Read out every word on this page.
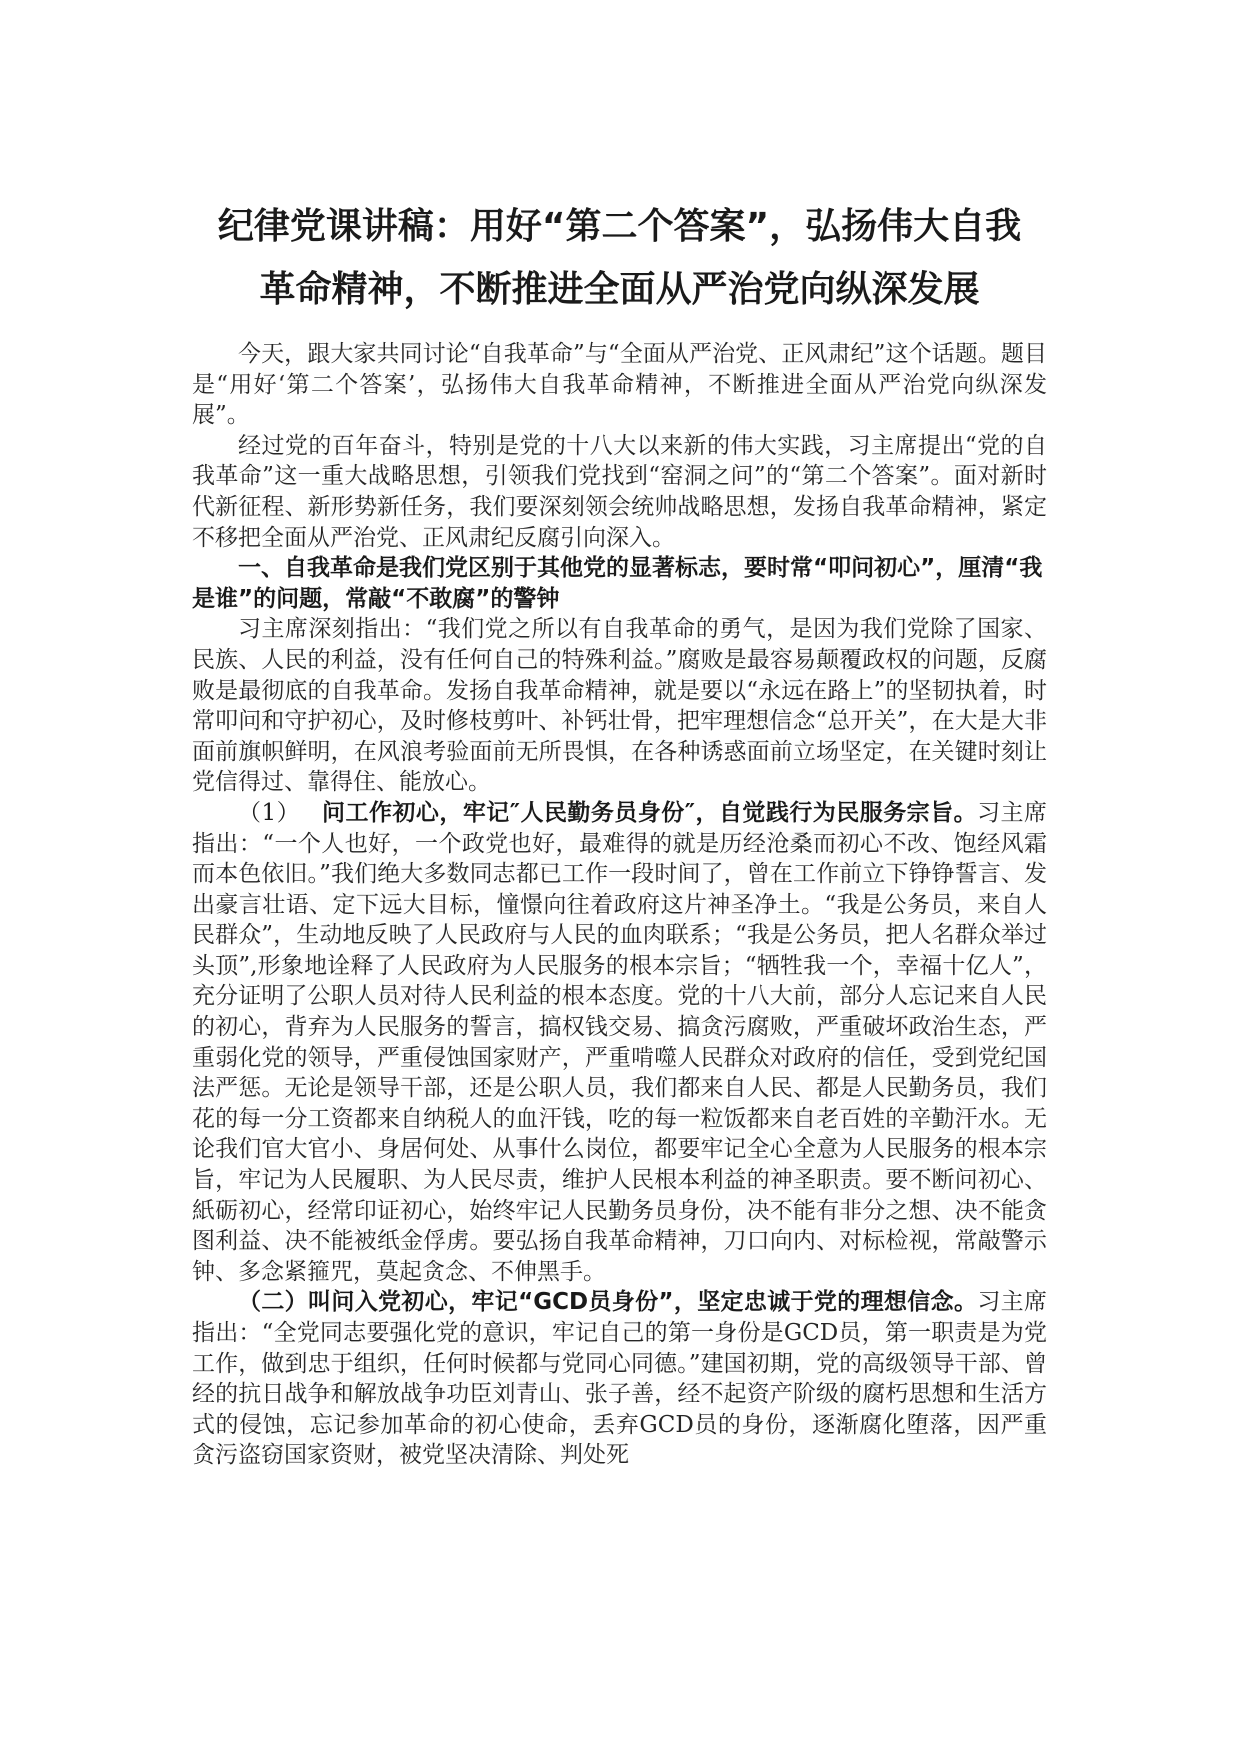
纪律党课讲稿：用好“第二个答案”，弘扬伟大自我
革命精神，不断推进全面从严治党向纵深发展

今天，跟大家共同讨论“自我革命”与“全面从严治党、正风肃纪”这个话题。题目是“用好‘第二个答案’，弘扬伟大自我革命精神，不断推进全面从严治党向纵深发展”。

经过党的百年奋斗，特别是党的十八大以来新的伟大实践，习主席提出“党的自我革命”这一重大战略思想，引领我们党找到“窑洞之问”的“第二个答案”。面对新时代新征程、新形势新任务，我们要深刻领会统帅战略思想，发扬自我革命精神，紧定不移把全面从严治党、正风肃纪反腐引向深入。

一、自我革命是我们党区别于其他党的显著标志，要时常“叩问初心”，厘清“我是谁”的问题，常敲“不敢腐”的警钟

习主席深刻指出：“我们党之所以有自我革命的勇气，是因为我们党除了国家、民族、人民的利益，没有任何自己的特殊利益。”腐败是最容易颠覆政权的问题，反腐败是最彻底的自我革命。发扬自我革命精神，就是要以“永远在路上”的坚韧执着，时常叩问和守护初心，及时修枝剪叶、补钙壮骨，把牢理想信念“总开关”，在大是大非面前旗帜鲜明，在风浪考验面前无所畏惧，在各种诱惑面前立场坚定，在关键时刻让党信得过、靠得住、能放心。

（1） 问工作初心，牢记″人民勤务员身份″，自觉践行为民服务宗旨。习主席指出：“一个人也好，一个政党也好，最难得的就是历经沧桑而初心不改、饱经风霜而本色依旧。”我们绝大多数同志都已工作一段时间了，曾在工作前立下铮铮誓言、发出豪言壮语、定下远大目标，憧憬向往着政府这片神圣净土。“我是公务员，来自人民群众”，生动地反映了人民政府与人民的血肉联系；“我是公务员，把人名群众举过头顶”,形象地诠释了人民政府为人民服务的根本宗旨；“牺牲我一个，幸福十亿人”，充分证明了公职人员对待人民利益的根本态度。党的十八大前，部分人忘记来自人民的初心，背弃为人民服务的誓言，搞权钱交易、搞贪污腐败，严重破坏政治生态，严重弱化党的领导，严重侵蚀国家财产，严重啃噬人民群众对政府的信任，受到党纪国法严惩。无论是领导干部，还是公职人员，我们都来自人民、都是人民勤务员，我们花的每一分工资都来自纳税人的血汗钱，吃的每一粒饭都来自老百姓的辛勤汗水。无论我们官大官小、身居何处、从事什么岗位，都要牢记全心全意为人民服务的根本宗旨，牢记为人民履职、为人民尽责，维护人民根本利益的神圣职责。要不断问初心、紙砺初心，经常印证初心，始终牢记人民勤务员身份，决不能有非分之想、决不能贪图利益、决不能被纸金俘虏。要弘扬自我革命精神，刀口向内、对标检视，常敲警示钟、多念紧箍咒，莫起贪念、不伸黑手。

（二）叫问入党初心，牢记“GCD员身份”，坚定忠诚于党的理想信念。习主席指出：“全党同志要强化党的意识，牢记自己的第一身份是GCD员，第一职责是为党工作，做到忠于组织，任何时候都与党同心同德。”建国初期，党的高级领导干部、曾经的抗日战争和解放战争功臣刘青山、张子善，经不起资产阶级的腐朽思想和生活方式的侵蚀，忘记参加革命的初心使命，丢弃GCD员的身份，逐渐腐化堕落，因严重贪污盗窃国家资财，被党坚决清除、判处死
